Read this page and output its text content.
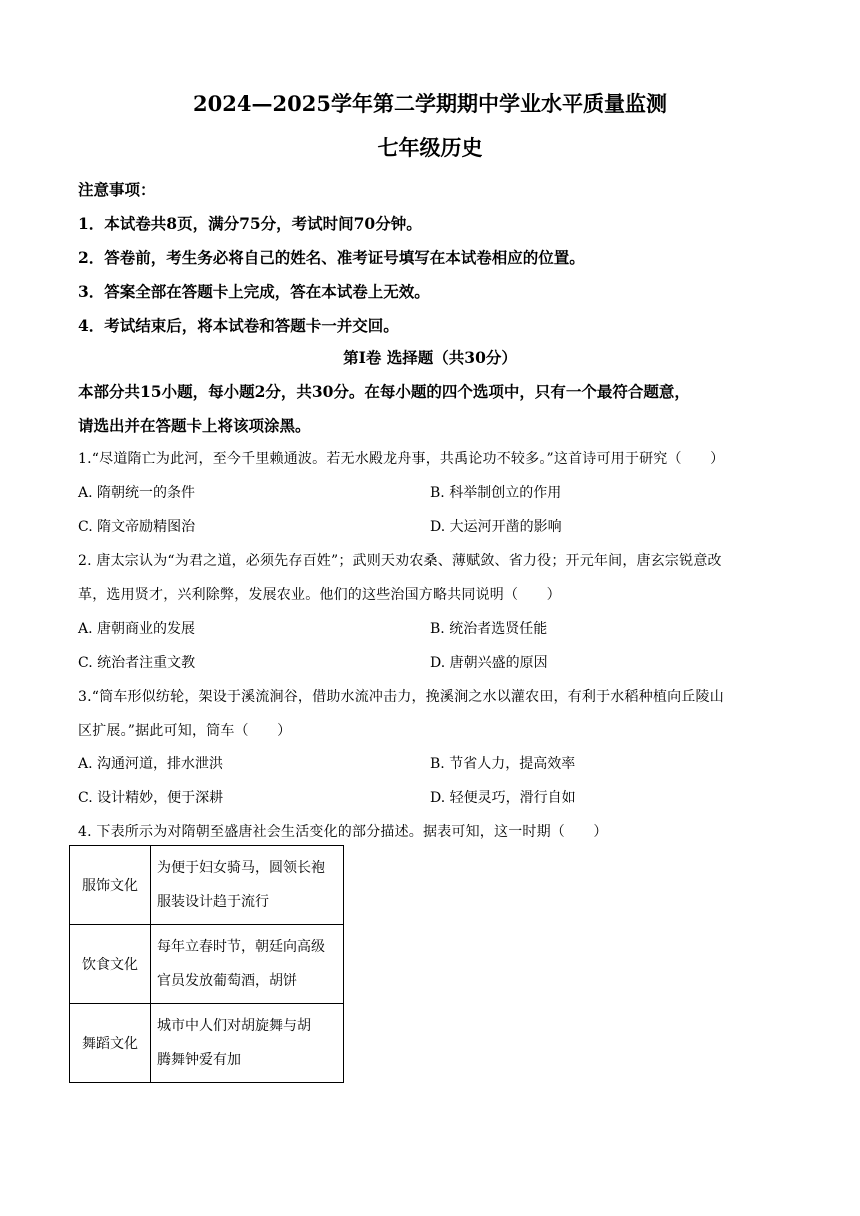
2024—2025学年第二学期期中学业水平质量监测
七年级历史
注意事项：
1．本试卷共8页，满分75分，考试时间70分钟。
2．答卷前，考生务必将自己的姓名、准考证号填写在本试卷相应的位置。
3．答案全部在答题卡上完成，答在本试卷上无效。
4．考试结束后，将本试卷和答题卡一并交回。
第Ⅰ卷 选择题（共30分）
本部分共15小题，每小题2分，共30分。在每小题的四个选项中，只有一个最符合题意，
请选出并在答题卡上将该项涂黑。
1.“尽道隋亡为此河，至今千里赖通波。若无水殿龙舟事，共禹论功不较多。”这首诗可用于研究（　　）
A. 隋朝统一的条件	B. 科举制创立的作用
C. 隋文帝励精图治	D. 大运河开凿的影响
2. 唐太宗认为“为君之道，必须先存百姓”；武则天劝农桑、薄赋敛、省力役；开元年间，唐玄宗锐意改
革，选用贤才，兴利除弊，发展农业。他们的这些治国方略共同说明（　　）
A. 唐朝商业的发展	B. 统治者选贤任能
C. 统治者注重文教	D. 唐朝兴盛的原因
3.“筒车形似纺轮，架设于溪流涧谷，借助水流冲击力，挽溪涧之水以灌农田，有利于水稻种植向丘陵山
区扩展。”据此可知，筒车（　　）
A. 沟通河道，排水泄洪	B. 节省人力，提高效率
C. 设计精妙，便于深耕	D. 轻便灵巧，滑行自如
4. 下表所示为对隋朝至盛唐社会生活变化的部分描述。据表可知，这一时期（　　）
服饰文化	为便于妇女骑马，圆领长袍
服装设计趋于流行

饮食文化	每年立春时节，朝廷向高级
官员发放葡萄酒，胡饼

舞蹈文化	城市中人们对胡旋舞与胡
腾舞钟爱有加
